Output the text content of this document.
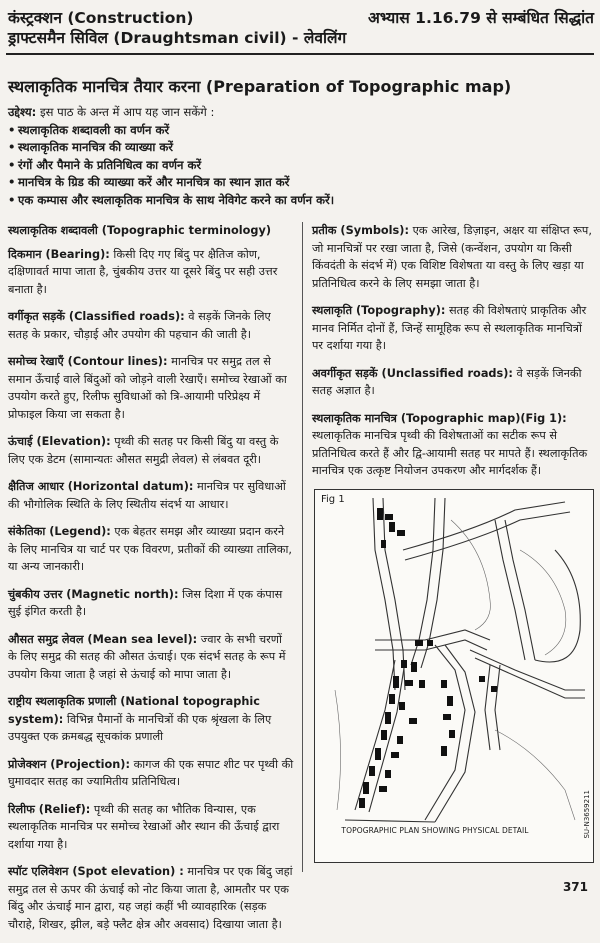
कंस्ट्रक्शन (Construction)
ड्राफ्टसमैन सिविल (Draughtsman civil) - लेवलिंग
अभ्यास 1.16.79 से सम्बंधित सिद्धांत
स्थलाकृतिक मानचित्र तैयार करना (Preparation of Topographic map)
उद्देश्य: इस पाठ के अन्त में आप यह जान सकेंगे :
• स्थलाकृतिक शब्दावली का वर्णन करें
• स्थलाकृतिक मानचित्र की व्याख्या करें
• रंगों और पैमाने के प्रतिनिधित्व का वर्णन करें
• मानचित्र के ग्रिड की व्याख्या करें और मानचित्र का स्थान ज्ञात करें
• एक कम्पास और स्थलाकृतिक मानचित्र के साथ नेविगेट करने का वर्णन करें।
स्थलाकृतिक शब्दावली (Topographic terminology)
दिकमान (Bearing): किसी दिए गए बिंदु पर क्षैतिज कोण, दक्षिणावर्त मापा जाता है, चुंबकीय उत्तर या दूसरे बिंदु पर सही उत्तर बनाता है।
वर्गीकृत सड़कें (Classified roads): वे सड़कें जिनके लिए सतह के प्रकार, चौड़ाई और उपयोग की पहचान की जाती है।
समोच्च रेखाएँ (Contour lines): मानचित्र पर समुद्र तल से समान ऊँचाई वाले बिंदुओं को जोड़ने वाली रेखाएँ। समोच्च रेखाओं का उपयोग करते हुए, रिलीफ सुविधाओं को त्रि-आयामी परिप्रेक्ष्य में प्रोफाइल किया जा सकता है।
ऊंचाई (Elevation): पृथ्वी की सतह पर किसी बिंदु या वस्तु के लिए एक डेटम (सामान्यतः औसत समुद्री लेवल) से लंबवत दूरी।
क्षैतिज आधार (Horizontal datum): मानचित्र पर सुविधाओं की भौगोलिक स्थिति के लिए स्थितीय संदर्भ या आधार।
संकेतिका (Legend): एक बेहतर समझ और व्याख्या प्रदान करने के लिए मानचित्र या चार्ट पर एक विवरण, प्रतीकों की व्याख्या तालिका, या अन्य जानकारी।
चुंबकीय उत्तर (Magnetic north): जिस दिशा में एक कंपास सुई इंगित करती है।
औसत समुद्र लेवल (Mean sea level): ज्वार के सभी चरणों के लिए समुद्र की सतह की औसत ऊंचाई। एक संदर्भ सतह के रूप में उपयोग किया जाता है जहां से ऊंचाई को मापा जाता है।
राष्ट्रीय स्थलाकृतिक प्रणाली (National topographic system): विभिन्न पैमानों के मानचित्रों की एक श्रृंखला के लिए उपयुक्त एक क्रमबद्ध सूचकांक प्रणाली
प्रोजेक्शन (Projection): कागज की एक सपाट शीट पर पृथ्वी की घुमावदार सतह का ज्यामितीय प्रतिनिधित्व।
रिलीफ (Relief): पृथ्वी की सतह का भौतिक विन्यास, एक स्थलाकृतिक मानचित्र पर समोच्च रेखाओं और स्थान की ऊँचाई द्वारा दर्शाया गया है।
स्पॉट एलिवेशन (Spot elevation) : मानचित्र पर एक बिंदु जहां समुद्र तल से ऊपर की ऊंचाई को नोट किया जाता है, आमतौर पर एक बिंदु और ऊंचाई मान द्वारा, यह जहां कहीं भी व्यावहारिक (सड़क चौराहे, शिखर, झील, बड़े फ्लैट क्षेत्र और अवसाद) दिखाया जाता है।
प्रतीक (Symbols): एक आरेख, डिज़ाइन, अक्षर या संक्षिप्त रूप, जो मानचित्रों पर रखा जाता है, जिसे (कन्वेंशन, उपयोग या किसी किंवदंती के संदर्भ में) एक विशिष्ट विशेषता या वस्तु के लिए खड़ा या प्रतिनिधित्व करने के लिए समझा जाता है।
स्थलाकृति (Topography): सतह की विशेषताएं प्राकृतिक और मानव निर्मित दोनों हैं, जिन्हें सामूहिक रूप से स्थलाकृतिक मानचित्रों पर दर्शाया गया है।
अवर्गीकृत सड़कें (Unclassified roads): वे सड़कें जिनकी सतह अज्ञात है।
स्थलाकृतिक मानचित्र (Topographic map)(Fig 1): स्थलाकृतिक मानचित्र पृथ्वी की विशेषताओं का सटीक रूप से प्रतिनिधित्व करते हैं और द्वि-आयामी सतह पर मापते हैं। स्थलाकृतिक मानचित्र एक उत्कृष्ट नियोजन उपकरण और मार्गदर्शक हैं।
Fig 1
TOPOGRAPHIC PLAN SHOWING PHYSICAL DETAIL	SU-N3659211
371
